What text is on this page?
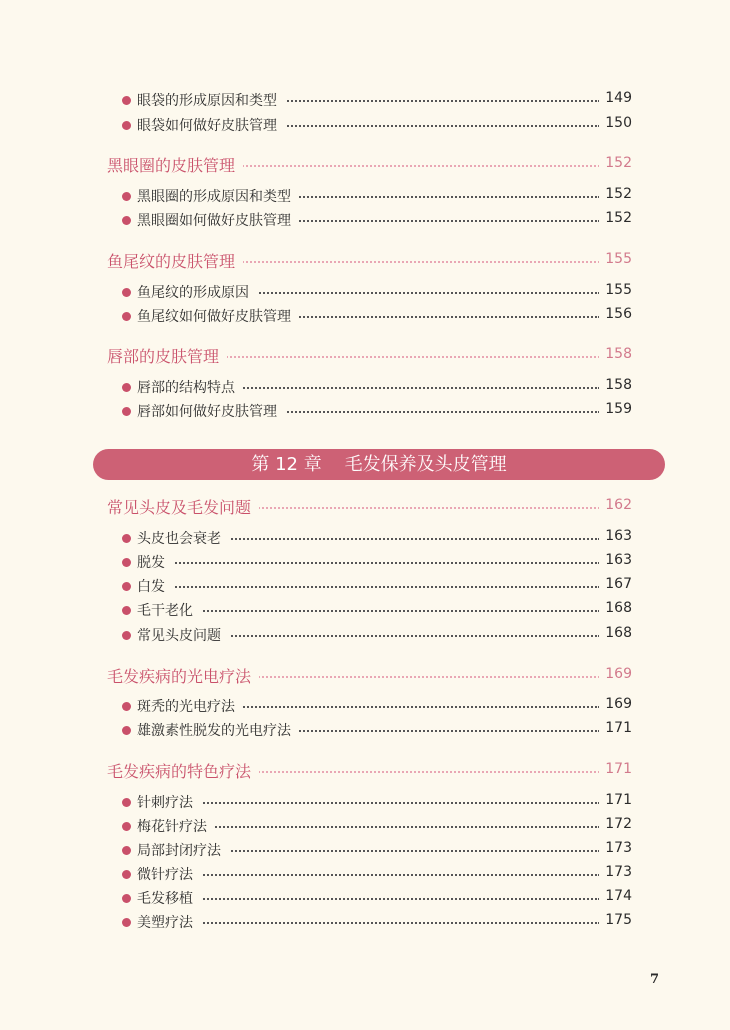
眼袋的形成原因和类型	149
眼袋如何做好皮肤管理	150
黑眼圈的皮肤管理	152
黑眼圈的形成原因和类型	152
黑眼圈如何做好皮肤管理	152
鱼尾纹的皮肤管理	155
鱼尾纹的形成原因	155
鱼尾纹如何做好皮肤管理	156
唇部的皮肤管理	158
唇部的结构特点	158
唇部如何做好皮肤管理	159
第 12 章    毛发保养及头皮管理
常见头皮及毛发问题	162
头皮也会衰老	163
脱发	163
白发	167
毛干老化	168
常见头皮问题	168
毛发疾病的光电疗法	169
斑秃的光电疗法	169
雄激素性脱发的光电疗法	171
毛发疾病的特色疗法	171
针刺疗法	171
梅花针疗法	172
局部封闭疗法	173
微针疗法	173
毛发移植	174
美塑疗法	175
7
